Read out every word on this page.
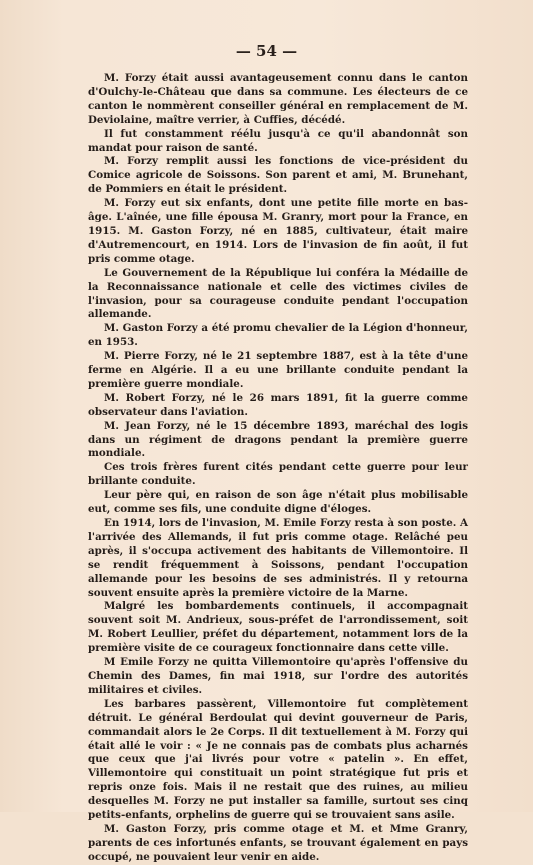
— 54 —

M. Forzy était aussi avantageusement connu dans le canton d'Oulchy-le-Château que dans sa commune. Les électeurs de ce canton le nommèrent conseiller général en remplacement de M. Deviolaine, maître verrier, à Cuffies, décédé.

Il fut constamment réélu jusqu'à ce qu'il abandonnât son mandat pour raison de santé.

M. Forzy remplit aussi les fonctions de vice-président du Comice agricole de Soissons. Son parent et ami, M. Brunehant, de Pommiers en était le président.

M. Forzy eut six enfants, dont une petite fille morte en bas-âge. L'aînée, une fille épousa M. Granry, mort pour la France, en 1915. M. Gaston Forzy, né en 1885, cultivateur, était maire d'Autremencourt, en 1914. Lors de l'invasion de fin août, il fut pris comme otage.

Le Gouvernement de la République lui conféra la Médaille de la Reconnaissance nationale et celle des victimes civiles de l'invasion, pour sa courageuse conduite pendant l'occupation allemande.

M. Gaston Forzy a été promu chevalier de la Légion d'honneur, en 1953.

M. Pierre Forzy, né le 21 septembre 1887, est à la tête d'une ferme en Algérie. Il a eu une brillante conduite pendant la première guerre mondiale.

M. Robert Forzy, né le 26 mars 1891, fit la guerre comme observateur dans l'aviation.

M. Jean Forzy, né le 15 décembre 1893, maréchal des logis dans un régiment de dragons pendant la première guerre mondiale.

Ces trois frères furent cités pendant cette guerre pour leur brillante conduite.

Leur père qui, en raison de son âge n'était plus mobilisable eut, comme ses fils, une conduite digne d'éloges.

En 1914, lors de l'invasion, M. Emile Forzy resta à son poste. A l'arrivée des Allemands, il fut pris comme otage. Relâché peu après, il s'occupa activement des habitants de Villemontoire. Il se rendit fréquemment à Soissons, pendant l'occupation allemande pour les besoins de ses administrés. Il y retourna souvent ensuite après la première victoire de la Marne.

Malgré les bombardements continuels, il accompagnait souvent soit M. Andrieux, sous-préfet de l'arrondissement, soit M. Robert Leullier, préfet du département, notamment lors de la première visite de ce courageux fonctionnaire dans cette ville.

M Emile Forzy ne quitta Villemontoire qu'après l'offensive du Chemin des Dames, fin mai 1918, sur l'ordre des autorités militaires et civiles.

Les barbares passèrent, Villemontoire fut complètement détruit. Le général Berdoulat qui devint gouverneur de Paris, commandait alors le 2e Corps. Il dit textuellement à M. Forzy qui était allé le voir : « Je ne connais pas de combats plus acharnés que ceux que j'ai livrés pour votre « patelin ». En effet, Villemontoire qui constituait un point stratégique fut pris et repris onze fois. Mais il ne restait que des ruines, au milieu desquelles M. Forzy ne put installer sa famille, surtout ses cinq petits-enfants, orphelins de guerre qui se trouvaient sans asile.

M. Gaston Forzy, pris comme otage et M. et Mme Granry, parents de ces infortunés enfants, se trouvant également en pays occupé, ne pouvaient leur venir en aide.
